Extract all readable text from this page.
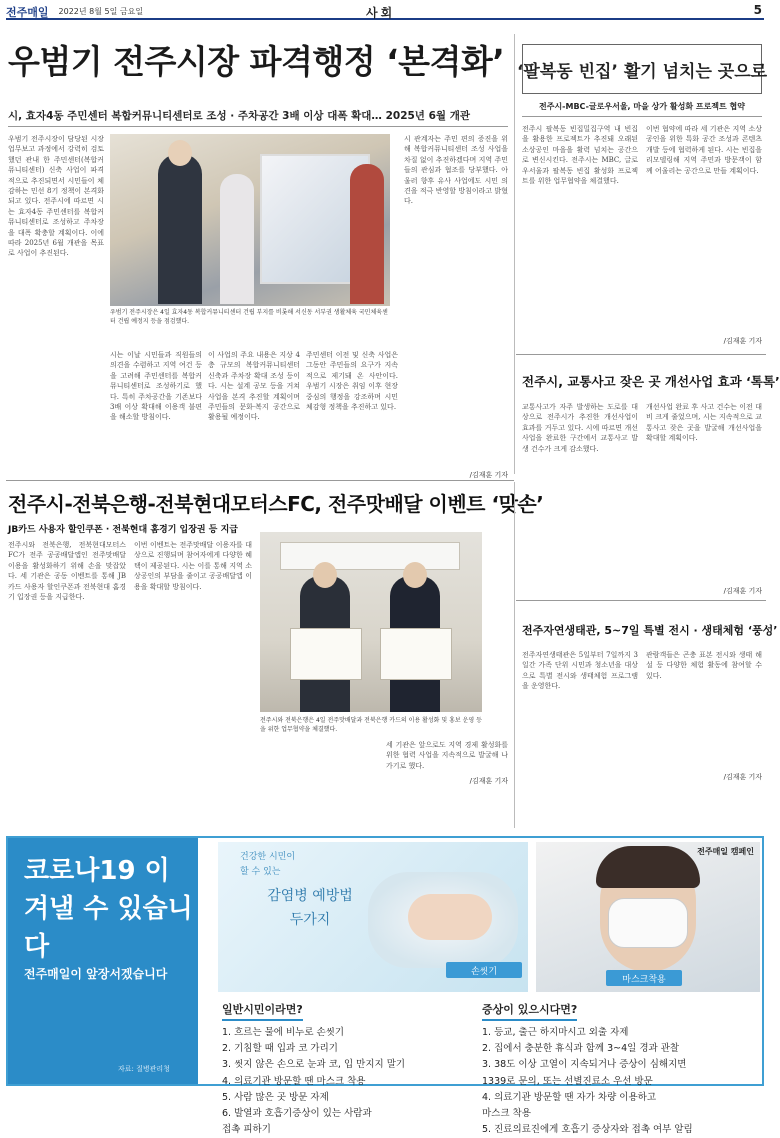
전주매일 2022년 8월 5일 금요일	사회	5
우범기 전주시장 파격행정 ‘본격화’
시, 효자4동 주민센터 복합커뮤니티센터로 조성 · 주차공간 3배 이상 대폭 확대… 2025년 6월 개관
우범기 전주시장이 담당된 시장 업무보고 과정에서 강력히 검토했던 관내 한 주민센터(복합커뮤니티센터) 신축 사업이 파격적으로 추진되면서 시민들이 체감하는 민선 8기 정책이 본격화되고 있다. 전주시에 따르면 시는 효자4동 주민센터를 복합커뮤니티센터로 조성하고 주차장을 대폭 확충할 계획이다. 이에 따라 2025년 6월 개관을 목표로 사업이 추진된다.
우범기 전주시장은 4일 효자4동 복합커뮤니티센터 건립 부지를 비롯해 서신동 서부권 생활체육 국민체육센터 건립 예정지 등을 점검했다.
시는 이날 시민들과 직원들의 의견을 수렴하고 지역 여건 등을 고려해 주민센터를 복합커뮤니티센터로 조성하기로 했다. 특히 주차공간을 기존보다 3배 이상 확대해 이용객 불편을 해소할 방침이다.
이 사업의 주요 내용은 지상 4층 규모의 복합커뮤니티센터 신축과 주차장 확대 조성 등이다. 시는 설계 공모 등을 거쳐 사업을 본격 추진할 계획이며 주민들의 문화·복지 공간으로 활용될 예정이다.
주민센터 이전 및 신축 사업은 그동안 주민들의 요구가 지속적으로 제기돼 온 사안이다. 우범기 시장은 취임 이후 현장 중심의 행정을 강조하며 시민 체감형 정책을 추진하고 있다.
시 관계자는 주민 편의 증진을 위해 복합커뮤니티센터 조성 사업을 차질 없이 추진하겠다며 지역 주민들의 관심과 협조를 당부했다. 아울러 향후 유사 사업에도 시민 의견을 적극 반영할 방침이라고 밝혔다.
/김재훈 기자
‘팔복동 빈집’ 활기 넘치는 곳으로
전주시-MBC-글로우서울, 마을 상가 활성화 프로젝트 협약
전주시 팔복동 빈집밀집구역 내 빈집을 활용한 프로젝트가 추진돼 오래된 소상공인 마을을 활력 넘치는 공간으로 변신시킨다. 전주시는 MBC, 글로우서울과 팔복동 빈집 활성화 프로젝트를 위한 업무협약을 체결했다.
이번 협약에 따라 세 기관은 지역 소상공인을 위한 특화 공간 조성과 콘텐츠 개발 등에 협력하게 된다. 시는 빈집을 리모델링해 지역 주민과 방문객이 함께 어울리는 공간으로 만들 계획이다.
/김재훈 기자
전주시, 교통사고 잦은 곳 개선사업 효과 ‘톡톡’
교통사고가 자주 발생하는 도로를 대상으로 전주시가 추진한 개선사업이 효과를 거두고 있다. 시에 따르면 개선사업을 완료한 구간에서 교통사고 발생 건수가 크게 감소했다.
개선사업 완료 후 사고 건수는 이전 대비 크게 줄었으며, 시는 지속적으로 교통사고 잦은 곳을 발굴해 개선사업을 확대할 계획이다.
/김재훈 기자
전주자연생태관, 5~7일 특별 전시 · 생태체험 ‘풍성’
전주자연생태관은 5일부터 7일까지 3일간 가족 단위 시민과 청소년을 대상으로 특별 전시와 생태체험 프로그램을 운영한다.
관람객들은 곤충 표본 전시와 생태 해설 등 다양한 체험 활동에 참여할 수 있다.
/김재훈 기자
전주시-전북은행-전북현대모터스FC, 전주맛배달 이벤트 ‘맞손’
JB카드 사용자 할인쿠폰 · 전북현대 홈경기 입장권 등 지급
전주시와 전북은행, 전북현대모터스FC가 전주 공공배달앱인 전주맛배달 이용을 활성화하기 위해 손을 맞잡았다. 세 기관은 공동 이벤트를 통해 JB카드 사용자 할인쿠폰과 전북현대 홈경기 입장권 등을 지급한다.
이번 이벤트는 전주맛배달 이용자를 대상으로 진행되며 참여자에게 다양한 혜택이 제공된다. 시는 이를 통해 지역 소상공인의 부담을 줄이고 공공배달앱 이용을 확대할 방침이다.
전주시와 전북은행은 4일 전주맛배달과 전북은행 카드의 이용 활성화 및 홍보 운영 등을 위한 업무협약을 체결했다.
세 기관은 앞으로도 지역 경제 활성화를 위한 협력 사업을 지속적으로 발굴해 나가기로 했다.
/김재훈 기자
코로나19 이겨낼 수 있습니다
전주매일이 앞장서겠습니다
자료: 질병관리청
건강한 시민이
할 수 있는
감염병 예방법
두가지
손씻기
마스크착용
전주매일 캠페인
일반시민이라면?
1. 흐르는 물에 비누로 손씻기
2. 기침할 때 입과 코 가리기
3. 씻지 않은 손으로 눈과 코, 입 만지지 말기
4. 의료기관 방문할 땐 마스크 착용
5. 사람 많은 곳 방문 자제
6. 발열과 호흡기증상이 있는 사람과
접촉 피하기
증상이 있으시다면?
1. 등교, 출근 하지마시고 외출 자제
2. 집에서 충분한 휴식과 함께 3~4일 경과 관찰
3. 38도 이상 고열이 지속되거나 증상이 심해지면
1339로 문의, 또는 선별진료소 우선 방문
4. 의료기관 방문할 땐 자가 차량 이용하고
마스크 착용
5. 진료의료진에게 호흡기 증상자와 접촉 여부 알림
